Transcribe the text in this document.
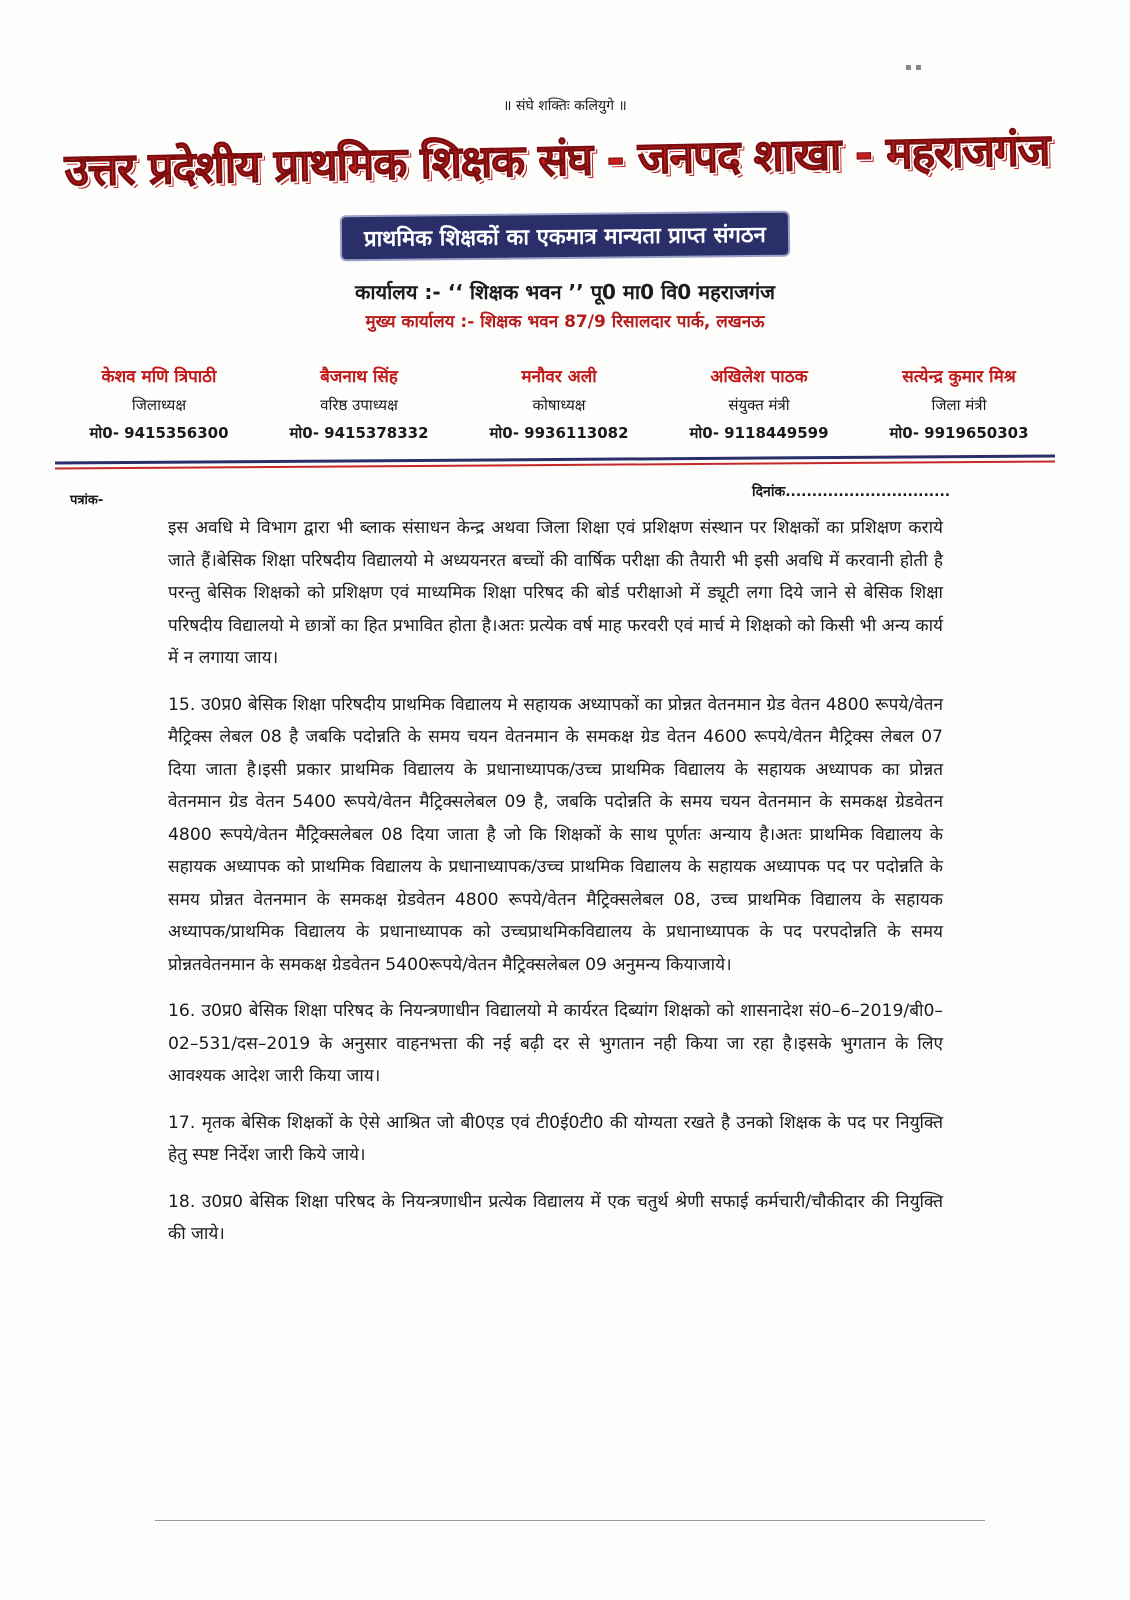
▪ ▪
॥ संघे शक्तिः कलियुगे ॥
उत्तर प्रदेशीय प्राथमिक शिक्षक संघ - जनपद शाखा - महराजगंज
प्राथमिक शिक्षकों का एकमात्र मान्यता प्राप्त संगठन
कार्यालय :- ‘‘ शिक्षक भवन ’’ पू0 मा0 वि0 महराजगंज
मुख्य कार्यालय :- शिक्षक भवन 87/9 रिसालदार पार्क, लखनऊ
केशव मणि त्रिपाठी
जिलाध्यक्ष
मो0- 9415356300
बैजनाथ सिंह
वरिष्ठ उपाध्यक्ष
मो0- 9415378332
मनौवर अली
कोषाध्यक्ष
मो0- 9936113082
अखिलेश पाठक
संयुक्त मंत्री
मो0- 9118449599
सत्येन्द्र कुमार मिश्र
जिला मंत्री
मो0- 9919650303
पत्रांक-
दिनांक...............................

इस अवधि मे विभाग द्वारा भी ब्लाक संसाधन केन्द्र अथवा जिला शिक्षा एवं प्रशिक्षण संस्थान पर शिक्षकों का प्रशिक्षण कराये जाते हैं।बेसिक शिक्षा परिषदीय विद्यालयो मे अध्ययनरत बच्चों की वार्षिक परीक्षा की तैयारी भी इसी अवधि में करवानी होती है परन्तु बेसिक शिक्षको को प्रशिक्षण एवं माध्यमिक शिक्षा परिषद की बोर्ड परीक्षाओ में ड्यूटी लगा दिये जाने से बेसिक शिक्षा परिषदीय विद्यालयो मे छात्रों का हित प्रभावित होता है।अतः प्रत्येक वर्ष माह फरवरी एवं मार्च मे शिक्षको को किसी भी अन्य कार्य में न लगाया जाय।

15. उ0प्र0 बेसिक शिक्षा परिषदीय प्राथमिक विद्यालय मे सहायक अध्यापकों का प्रोन्नत वेतनमान ग्रेड वेतन 4800 रूपये/वेतन मैट्रिक्स लेबल 08 है जबकि पदोन्नति के समय चयन वेतनमान के समकक्ष ग्रेड वेतन 4600 रूपये/वेतन मैट्रिक्स लेबल 07 दिया जाता है।इसी प्रकार प्राथमिक विद्यालय के प्रधानाध्यापक/उच्च प्राथमिक विद्यालय के सहायक अध्यापक का प्रोन्नत वेतनमान ग्रेड वेतन 5400 रूपये/वेतन मैट्रिक्सलेबल 09 है, जबकि पदोन्नति के समय चयन वेतनमान के समकक्ष ग्रेडवेतन 4800 रूपये/वेतन मैट्रिक्सलेबल 08 दिया जाता है जो कि शिक्षकों के साथ पूर्णतः अन्याय है।अतः प्राथमिक विद्यालय के सहायक अध्यापक को प्राथमिक विद्यालय के प्रधानाध्यापक/उच्च प्राथमिक विद्यालय के सहायक अध्यापक पद पर पदोन्नति के समय प्रोन्नत वेतनमान के समकक्ष ग्रेडवेतन 4800 रूपये/वेतन मैट्रिक्सलेबल 08, उच्च प्राथमिक विद्यालय के सहायक अध्यापक/प्राथमिक विद्यालय के प्रधानाध्यापक को उच्चप्राथमिकविद्यालय के प्रधानाध्यापक के पद परपदोन्नति के समय प्रोन्नतवेतनमान के समकक्ष ग्रेडवेतन 5400रूपये/वेतन मैट्रिक्सलेबल 09 अनुमन्य कियाजाये।

16. उ0प्र0 बेसिक शिक्षा परिषद के नियन्त्रणाधीन विद्यालयो मे कार्यरत दिब्यांग शिक्षको को शासनादेश सं0–6–2019/बी0–02–531/दस–2019 के अनुसार वाहनभत्ता की नई बढ़ी दर से भुगतान नही किया जा रहा है।इसके भुगतान के लिए आवश्यक आदेश जारी किया जाय।

17. मृतक बेसिक शिक्षकों के ऐसे आश्रित जो बी0एड एवं टी0ई0टी0 की योग्यता रखते है उनको शिक्षक के पद पर नियुक्ति हेतु स्पष्ट निर्देश जारी किये जाये।

18. उ0प्र0 बेसिक शिक्षा परिषद के नियन्त्रणाधीन प्रत्येक विद्यालय में एक चतुर्थ श्रेणी सफाई कर्मचारी/चौकीदार की नियुक्ति की जाये।
